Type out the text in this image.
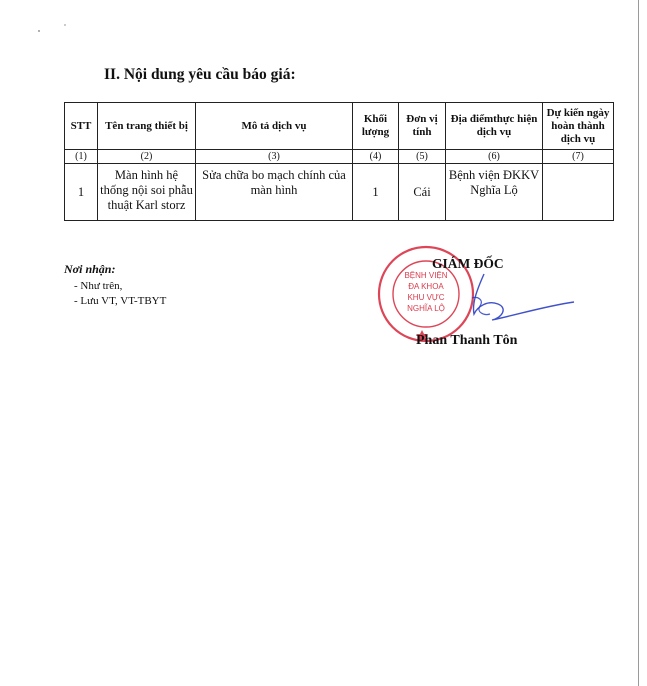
II. Nội dung yêu cầu báo giá:
STT	Tên trang thiết bị	Mô tả dịch vụ	Khối lượng	Đơn vị tính	Địa điểmthực hiện dịch vụ	Dự kiến ngày hoàn thành dịch vụ
(1)	(2)	(3)	(4)	(5)	(6)	(7)
1	Màn hình hệ thống nội soi phẫu thuật Karl storz	Sửa chữa bo mạch chính của màn hình	1	Cái	Bệnh viện ĐKKV Nghĩa Lộ	
Nơi nhận:
- Như trên,
- Lưu VT, VT-TBYT
BỆNH VIỆN
ĐA KHOA
KHU VỰC
NGHĨA LỘ
GIÁM ĐỐC
Phan Thanh Tôn
